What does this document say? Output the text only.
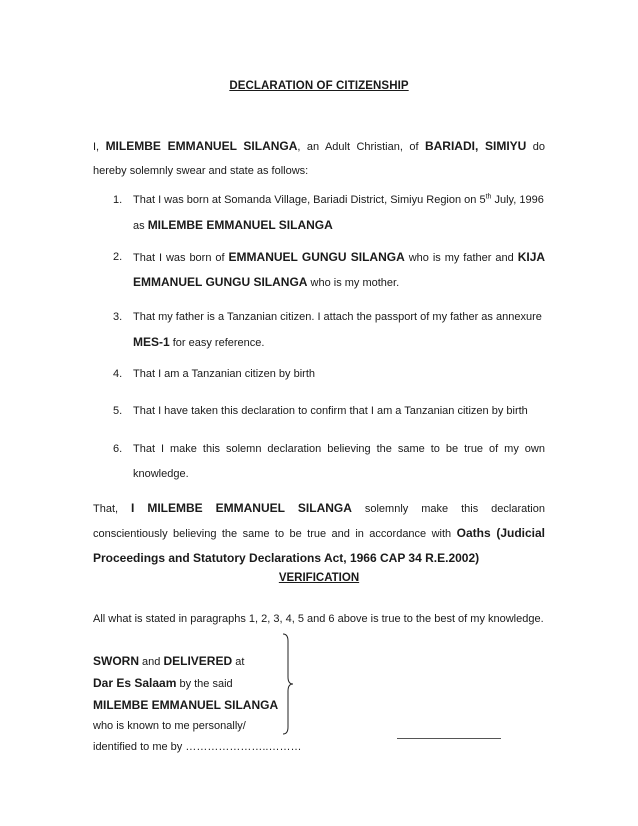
DECLARATION OF CITIZENSHIP
I, MILEMBE EMMANUEL SILANGA, an Adult Christian, of BARIADI, SIMIYU do
hereby solemnly swear and state as follows:
1. That I was born at Somanda Village, Bariadi District, Simiyu Region on 5th July, 1996
as MILEMBE EMMANUEL SILANGA
2. That I was born of EMMANUEL GUNGU SILANGA who is my father and KIJA
EMMANUEL GUNGU SILANGA who is my mother.
3. That my father is a Tanzanian citizen. I attach the passport of my father as annexure
MES-1 for easy reference.
4. That I am a Tanzanian citizen by birth
5. That I have taken this declaration to confirm that I am a Tanzanian citizen by birth
6. That I make this solemn declaration believing the same to be true of my own
knowledge.
That, I MILEMBE EMMANUEL SILANGA solemnly make this declaration
conscientiously believing the same to be true and in accordance with Oaths (Judicial
Proceedings and Statutory Declarations Act, 1966 CAP 34 R.E.2002)
VERIFICATION
All what is stated in paragraphs 1, 2, 3, 4, 5 and 6 above is true to the best of my knowledge.
SWORN and DELIVERED at
Dar Es Salaam by the said
MILEMBE EMMANUEL SILANGA
who is known to me personally/
identified to me by …………………..………
